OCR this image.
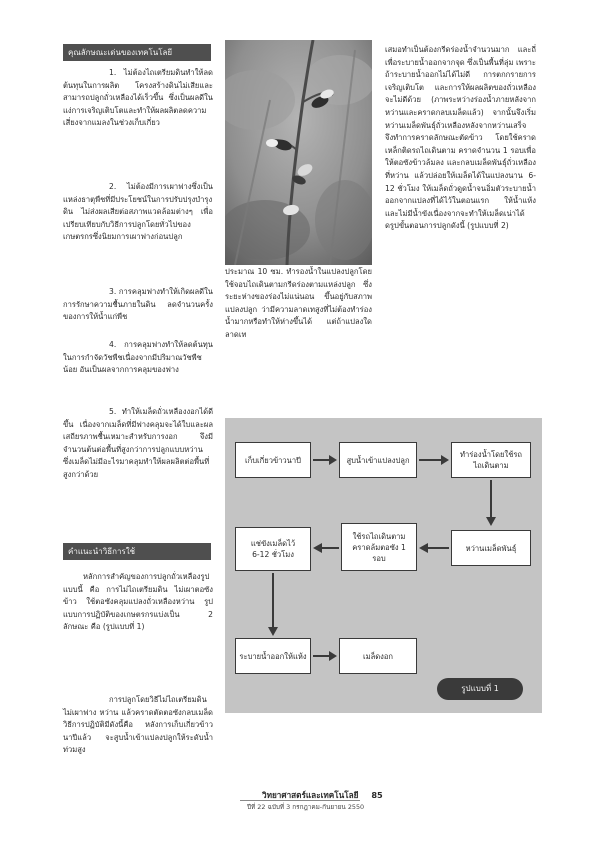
คุณลักษณะเด่นของเทคโนโลยี

1. ไม่ต้องไถเตรียมดินทำให้ลดต้นทุนในการผลิต โครงสร้างดินไม่เสียและสามารถปลูกถั่วเหลืองได้เร็วขึ้น ซึ่งเป็นผลดีในแง่การเจริญเติบโตและทำให้ผลผลิตลดความเสี่ยงจากแมลงในช่วงเก็บเกี่ยว

2. ไม่ต้องมีการเผาฟางซึ่งเป็นแหล่งธาตุพืชที่มีประโยชน์ในการปรับปรุงบำรุงดิน ไม่ส่งผลเสียต่อสภาพแวดล้อมต่างๆ เพื่อเปรียบเทียบกับวิธีการปลูกโดยทั่วไปของเกษตรกรซึ่งนิยมการเผาฟางก่อนปลูก

3. การคลุมฟางทำให้เกิดผลดีในการรักษาความชื้นภายในดิน ลดจำนวนครั้งของการให้น้ำแก่พืช

4. การคลุมฟางทำให้ลดต้นทุนในการกำจัดวัชพืชเนื่องจากมีปริมาณวัชพืชน้อย อันเป็นผลจากการคลุมของฟาง

5. ทำให้เมล็ดถั่วเหลืองงอกได้ดีขึ้น เนื่องจากเมล็ดที่มีฟางคลุมจะได้ใบและผลเสถียรภาพชื้นเหมาะสำหรับการงอก จึงมีจำนวนต้นต่อพื้นที่สูงกว่าการปลูกแบบหว่าน ซึ่งเมล็ดไม่มีอะไรมาคลุมทำให้ผลผลิตต่อพื้นที่สูงกว่าด้วย

คำแนะนำวิธีการใช้

หลักการสำคัญของการปลูกถั่วเหลืองรูปแบบนี้ คือ การไม่ไถเตรียมดิน ไม่เผาตอซังข้าว ใช้ตอซังคลุมแปลงถั่วเหลืองหว่าน รูปแบบการปฏิบัติของเกษตรกรแบ่งเป็น 2 ลักษณะ คือ (รูปแบบที่ 1)

การปลูกโดยวิธีไม่ไถเตรียมดิน ไม่เผาฟาง หว่าน แล้วคราดตัดตอซังกลบเมล็ด วิธีการปฏิบัติมีดังนี้คือ หลังการเก็บเกี่ยวข้าวนาปีแล้ว จะสูบน้ำเข้าแปลงปลูกให้ระดับน้ำท่วมสูง

ประมาณ 10 ซม. ทำรองน้ำในแปลงปลูกโดยใช้จอบไถเดินตามกรีดร่องตามแหล่งปลูก ซึ่งระยะห่างของร่องไม่แน่นอน ขึ้นอยู่กับสภาพแปลงปลูก ว่ามีความลาดเทสูงที่ไม่ต้องทำร่องน้ำมากหรือทำให้ห่างขึ้นได้ แต่ถ้าแปลงใดลาดเท

เสมอทำเป็นต้องกรีดร่องน้ำจำนวนมาก และถี่เพื่อระบายน้ำออกจากจุด ซึ่งเป็นพื้นที่ลุ่ม เพราะถ้าระบายน้ำออกไม่ได้ไม่ดี การตกกรายการเจริญเติบโต และการให้ผลผลิตของถั่วเหลืองจะไม่ดีด้วย (ภาพระหว่างร่องน้ำภายหลังจากหว่านและคราดกลบเมล็ดแล้ว) จากนั้นจึงเริ่มหว่านเมล็ดพันธุ์ถั่วเหลืองหลังจากหว่านเสร็จ จึงทำการคราดลักษณะตัดข้าว โดยใช้คราดเหล็กติดรถไถเดินตาม คราดจำนวน 1 รอบเพื่อให้ตอซังข้าวล้มลง และกลบเมล็ดพันธุ์ถั่วเหลืองที่หว่าน แล้วปล่อยให้เมล็ดได้ในแปลงนาน 6-12 ชั่วโมง ให้เมล็ดถั่วดูดน้ำจนอิ่มตัวระบายน้ำออกจากแปลงที่ได้ไว้ในตอนแรก ให้น้ำแห้งและไม่มีน้ำขังเนื่องจากจะทำให้เมล็ดเน่าได้ ดรูปขั้นตอนการปลูกดังนี้ (รูปแบบที่ 2)

เก็บเกี่ยวข้าวนาปี	สูบน้ำเข้าแปลงปลูก
ทำร่องน้ำโดยใช้รถไถเดินตาม
หว่านเมล็ดพันธุ์
ใช้รถไถเดินตามคราดล้มตอซัง 1 รอบ
แช่ขังเมล็ดไว้ 6-12 ชั่วโมง
ระบายน้ำออกให้แห้ง	เมล็ดงอก
รูปแบบที่ 1
วิทยาศาสตร์และเทคโนโลยี 85
ปีที่ 22 ฉบับที่ 3 กรกฎาคม-กันยายน 2550
